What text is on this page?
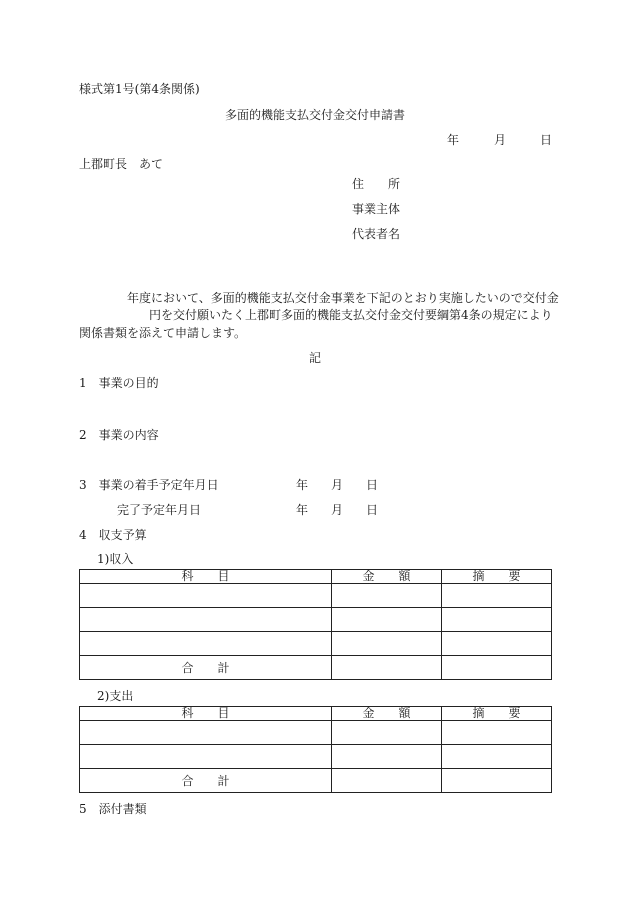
様式第1号(第4条関係)
多面的機能支払交付金交付申請書
年	月	日
上郡町長　あて
住　　所
事業主体
代表者名
年度において、多面的機能支払交付金事業を下記のとおり実施したいので交付金
円を交付願いたく上郡町多面的機能支払交付金交付要綱第4条の規定により
関係書類を添えて申請します。
記
1　事業の目的
2　事業の内容
3　事業の着手予定年月日	年 月 日
完了予定年月日	年 月 日
4　収支予算
1)収入
科　　目	金　　額	摘　　要

合　　計		
2)支出
科　　目	金　　額	摘　　要

合　　計		
5　添付書類
